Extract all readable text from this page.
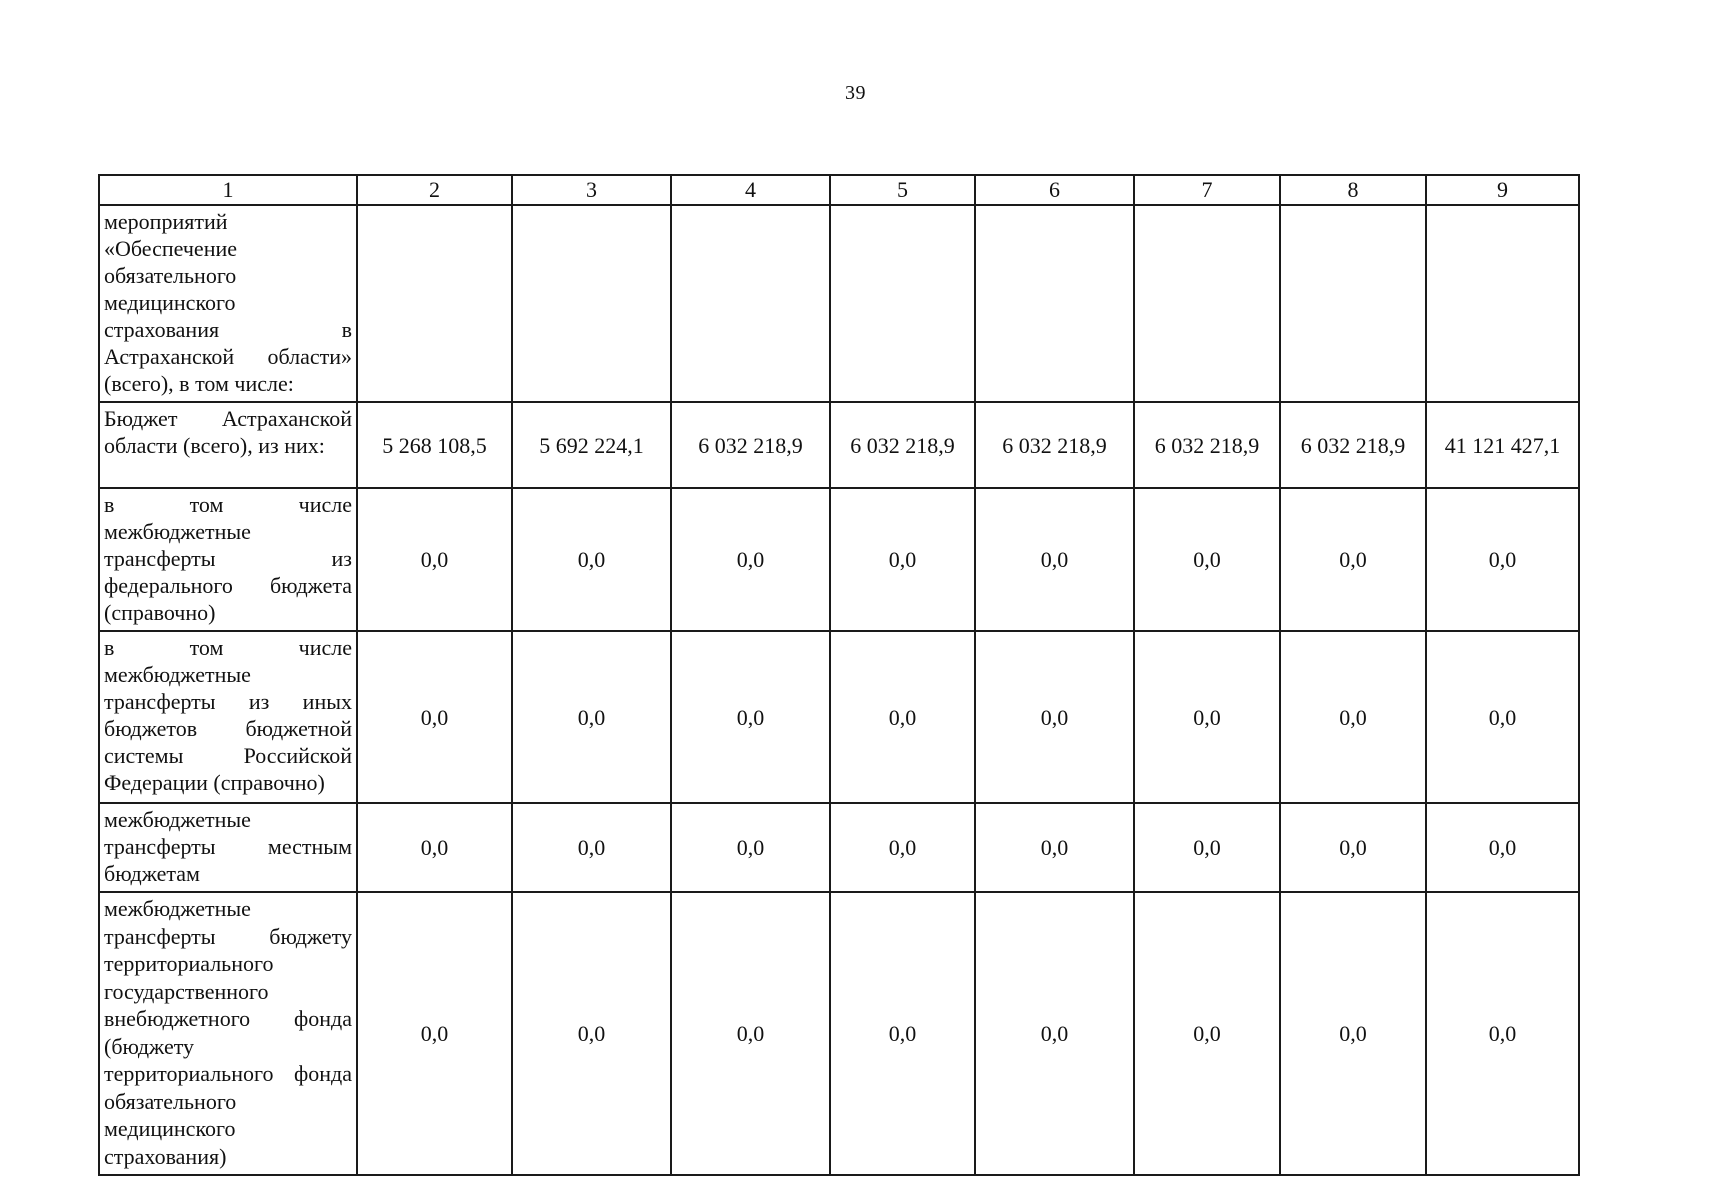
39
1	2	3	4	5	6	7	8	9
мероприятий «Обеспечение обязательного медицинского страхования в Астраханской области» (всего), в том числе:								
Бюджет Астраханской области (всего), из них:	5 268 108,5	5 692 224,1	6 032 218,9	6 032 218,9	6 032 218,9	6 032 218,9	6 032 218,9	41 121 427,1
в том числе межбюджетные трансферты из федерального бюджета (справочно)	0,0	0,0	0,0	0,0	0,0	0,0	0,0	0,0
в том числе межбюджетные трансферты из иных бюджетов бюджетной системы Российской Федерации (справочно)	0,0	0,0	0,0	0,0	0,0	0,0	0,0	0,0
межбюджетные трансферты местным бюджетам	0,0	0,0	0,0	0,0	0,0	0,0	0,0	0,0
межбюджетные трансферты бюджету территориального государственного внебюджетного фонда (бюджету территориального фонда обязательного медицинского страхования)	0,0	0,0	0,0	0,0	0,0	0,0	0,0	0,0
